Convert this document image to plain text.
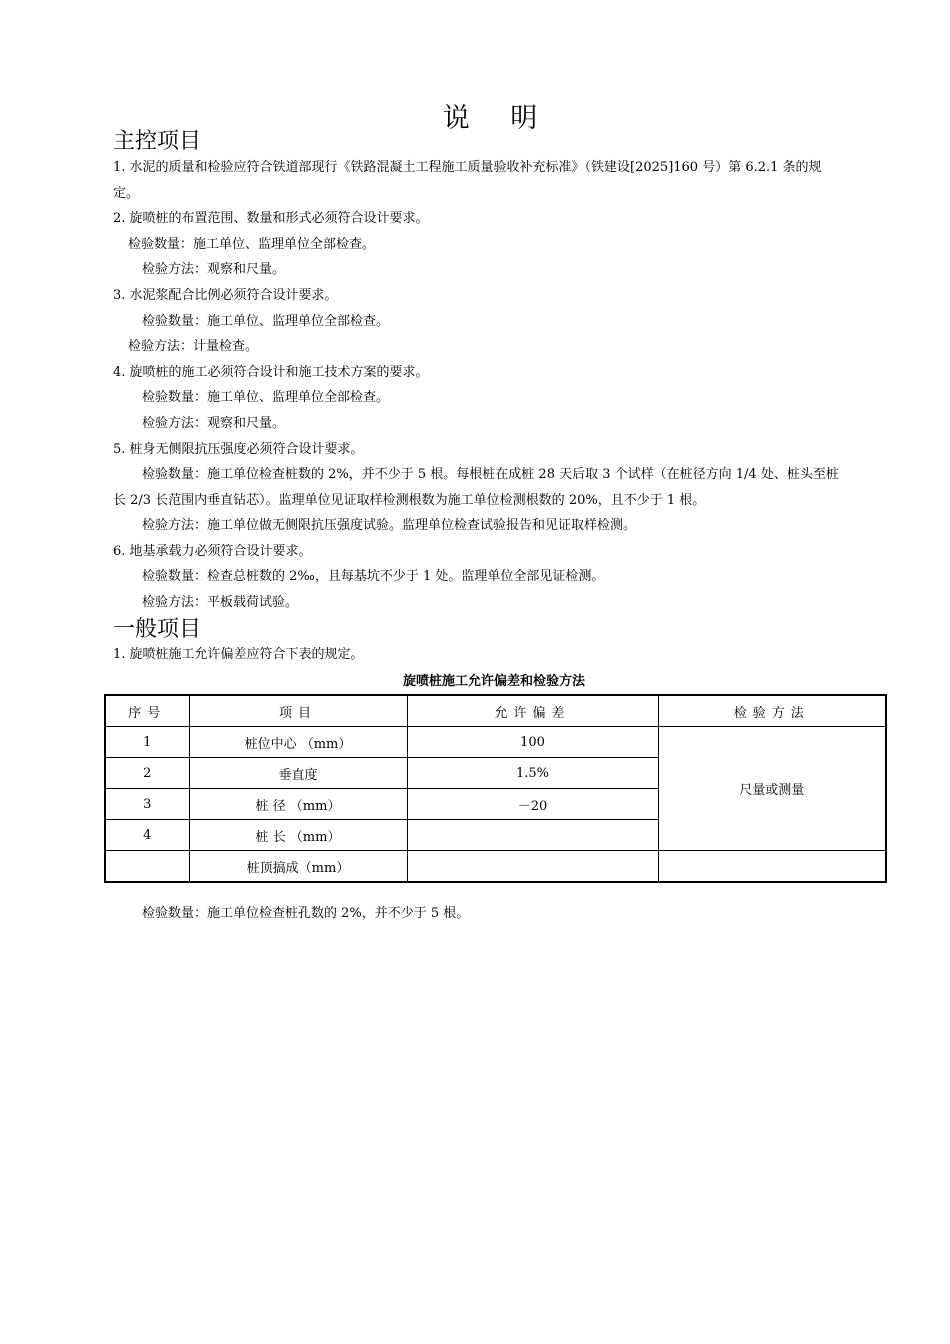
说 明
主控项目
1. 水泥的质量和检验应符合铁道部现行《铁路混凝土工程施工质量验收补充标准》（铁建设[2025]160 号）第 6.2.1 条的规
定。
2. 旋喷桩的布置范围、数量和形式必须符合设计要求。
检验数量：施工单位、监理单位全部检查。
检验方法：观察和尺量。
3. 水泥浆配合比例必须符合设计要求。
检验数量：施工单位、监理单位全部检查。
检验方法：计量检查。
4. 旋喷桩的施工必须符合设计和施工技术方案的要求。
检验数量：施工单位、监理单位全部检查。
检验方法：观察和尺量。
5. 桩身无侧限抗压强度必须符合设计要求。
检验数量：施工单位检查桩数的 2%，并不少于 5 根。每根桩在成桩 28 天后取 3 个试样（在桩径方向 1/4 处、桩头至桩
长 2/3 长范围内垂直钻芯）。监理单位见证取样检测根数为施工单位检测根数的 20%，且不少于 1 根。
检验方法：施工单位做无侧限抗压强度试验。监理单位检查试验报告和见证取样检测。
6. 地基承载力必须符合设计要求。
检验数量：检查总桩数的 2‰，且每基坑不少于 1 处。监理单位全部见证检测。
检验方法：平板载荷试验。
一般项目
1. 旋喷桩施工允许偏差应符合下表的规定。
旋喷桩施工允许偏差和检验方法
序号	项目	允许偏差	检验方法
1	桩位中心 （mm）	100	尺量或测量
2	垂直度	1.5%	
3	桩 径 （mm）	－20	
4	桩 长 （mm）		
	桩顶搞成（mm）		
检验数量：施工单位检查桩孔数的 2%，并不少于 5 根。
